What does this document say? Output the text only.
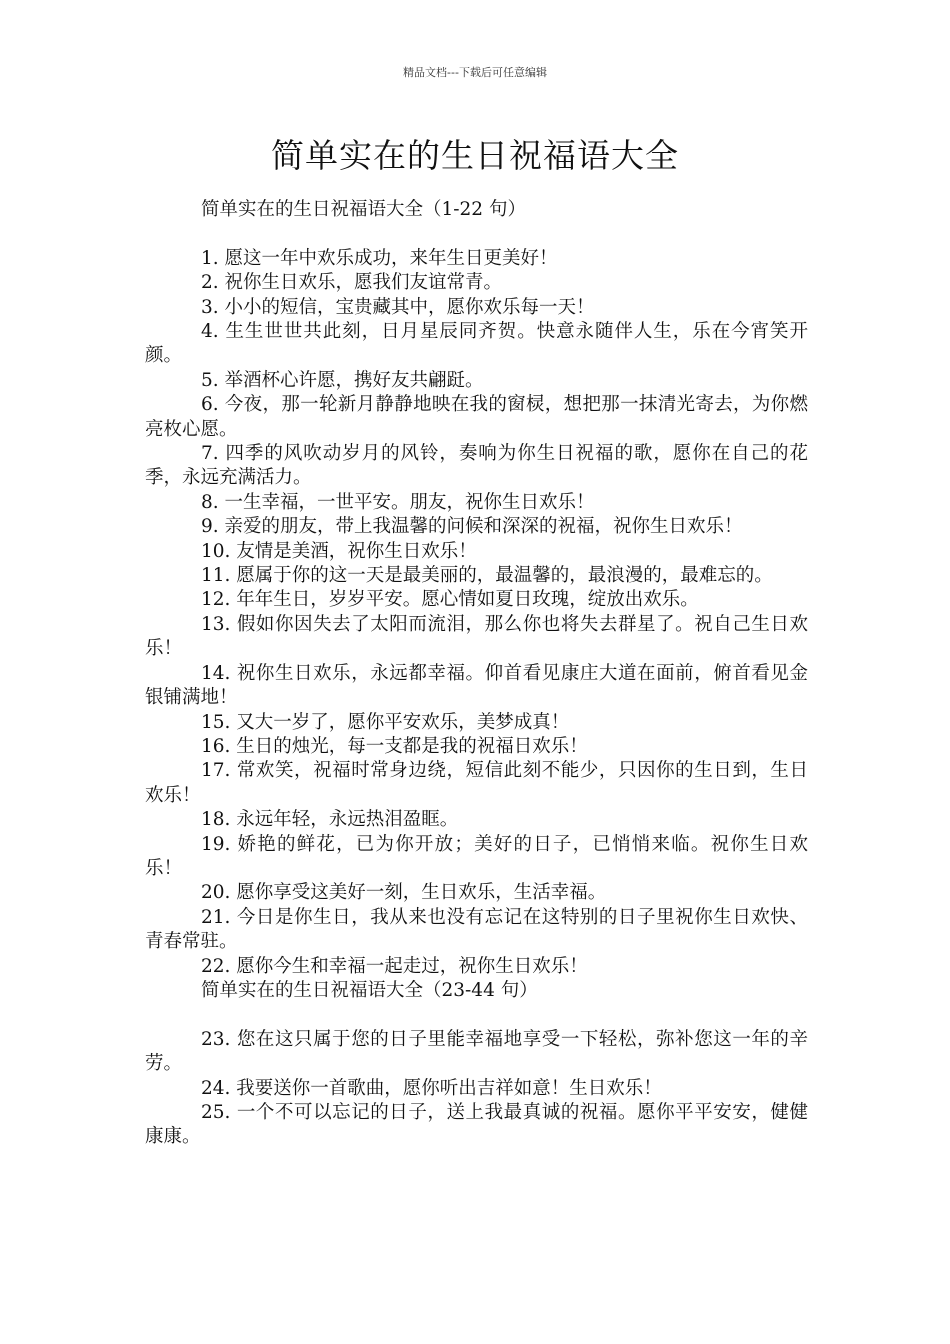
精品文档---下载后可任意编辑
简单实在的生日祝福语大全

简单实在的生日祝福语大全（1-22 句）

1. 愿这一年中欢乐成功，来年生日更美好！

2. 祝你生日欢乐，愿我们友谊常青。

3. 小小的短信，宝贵藏其中，愿你欢乐每一天！

4. 生生世世共此刻，日月星辰同齐贺。快意永随伴人生，乐在今宵笑开颜。

5. 举酒杯心许愿，携好友共翩跹。

6. 今夜，那一轮新月静静地映在我的窗棂，想把那一抹清光寄去，为你燃亮枚心愿。

7. 四季的风吹动岁月的风铃，奏响为你生日祝福的歌，愿你在自己的花季，永远充满活力。

8. 一生幸福，一世平安。朋友，祝你生日欢乐！

9. 亲爱的朋友，带上我温馨的问候和深深的祝福，祝你生日欢乐！

10. 友情是美酒，祝你生日欢乐！

11. 愿属于你的这一天是最美丽的，最温馨的，最浪漫的，最难忘的。

12. 年年生日，岁岁平安。愿心情如夏日玫瑰，绽放出欢乐。

13. 假如你因失去了太阳而流泪，那么你也将失去群星了。祝自己生日欢乐！

14. 祝你生日欢乐，永远都幸福。仰首看见康庄大道在面前，俯首看见金银铺满地！

15. 又大一岁了，愿你平安欢乐，美梦成真！

16. 生日的烛光，每一支都是我的祝福日欢乐！

17. 常欢笑，祝福时常身边绕，短信此刻不能少，只因你的生日到，生日欢乐！

18. 永远年轻，永远热泪盈眶。

19. 娇艳的鲜花，已为你开放；美好的日子，已悄悄来临。祝你生日欢乐！

20. 愿你享受这美好一刻，生日欢乐，生活幸福。

21. 今日是你生日，我从来也没有忘记在这特别的日子里祝你生日欢快、青春常驻。

22. 愿你今生和幸福一起走过，祝你生日欢乐！

简单实在的生日祝福语大全（23-44 句）

23. 您在这只属于您的日子里能幸福地享受一下轻松，弥补您这一年的辛劳。

24. 我要送你一首歌曲，愿你听出吉祥如意！生日欢乐！

25. 一个不可以忘记的日子，送上我最真诚的祝福。愿你平平安安，健健康康。
